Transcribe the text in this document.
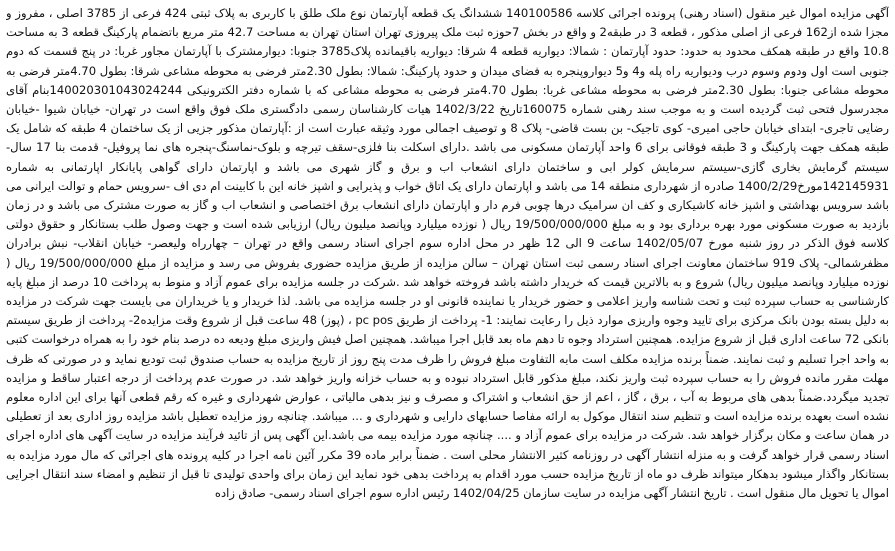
آگهی مزایده اموال غیر منقول (اسناد رهنی) پرونده اجرائی کلاسه 140100586 ششدانگ یک قطعه آپارتمان نوع ملک طلق با کاربری به پلاک ثبتی 424 فرعی از 3785 اصلی ، مفروز و مجزا شده از162 فرعی از اصلی مذکور ، قطعه 3 در طبقه2 و واقع در بخش 7حوزه ثبت ملک پیروزی تهران استان تهران به مساحت 42.7 متر مربع باتضمام پارکینگ قطعه 3 به مساحت 10.8 واقع در طبقه همکف محدود به حدود: حدود آپارتمان : شمالا: دیواریه قطعه 4 شرقا: دیواریه باقیمانده پلاک3785 جنوبا: دیوارمشترک با آپارتمان مجاور غربا: در پنج قسمت که دوم جنوبی است اول ودوم وسوم درب ودیواریه راه پله و4 و5 دیوارو‌پنجره به فضای میدان و حدود پارکینگ: شمالا: بطول 2.30متر فرضی به محوطه مشاعی شرقا: بطول 4.70متر فرضی به محوطه مشاعی جنوبا: بطول 2.30متر فرضی به محوطه مشاعی غربا: بطول 4.70متر فرضی به محوطه مشاعی که با شماره دفتر الکترونیکی 140020301043024244بنام آقای مجدرسول فتحی ثبت گردیده است و به موجب سند رهنی شماره 160075تاریخ 1402/3/22 هیات کارشناسان رسمی دادگستری ملک فوق واقع است در تهران- خیابان شیوا -خیابان رضایی تاجری- ابتدای خیابان حاجی امیری- کوی تاجیک- بن بست قاضی- پلاک 8 و توصیف اجمالی مورد وثیقه عبارت است از :آپارتمان مذکور جزیی از یک ساختمان 4 طبقه که شامل یک طبقه همکف جهت پارکینگ و 3 طبقه فوقانی برای 6 واحد آپارتمان مسکونی می باشد .دارای اسکلت بنا فلزی-سقف تیرچه و بلوک-نماسنگ-پنجره های نما پروفیل- قدمت بنا 17 سال- سیستم گرمایش بخاری گازی-سیستم سرمایش کولر ابی و ساختمان دارای انشعاب اب و برق و گاز شهری می باشد و اپارتمان دارای گواهی پایانکار اپارتمانی به شماره 142145931مورخ1400/2/29 صادره از شهرداری منطقه 14 می باشد و اپارتمان دارای یک اتاق خواب و پذیرایی و اشپز خانه این با کابینت ام دی اف -سرویس حمام و توالت ایرانی می باشد سرویس بهداشتی و اشپز خانه کاشیکاری و کف ان سرامیک درها چوبی فرم دار و اپارتمان دارای انشعاب برق اختصاصی و انشعاب اب و گاز به صورت مشترک می باشد و در زمان بازدید به صورت مسکونی مورد بهره برداری بود و به مبلغ 19/500/000/000 ریال ( نوزده میلیارد وپانصد میلیون ریال) ارزیابی شده است و جهت وصول طلب بستانکار و حقوق دولتی کلاسه فوق الذکر در روز شنبه مورخ 1402/05/07 ساعت 9 الی 12 ظهر در محل اداره سوم اجرای اسناد رسمی واقع در تهران – چهارراه ولیعصر- خیابان انقلاب- نبش برادران مظفرشمالی- پلاک 919 ساختمان معاونت اجرای اسناد رسمی ثبت استان تهران – سالن مزایده از طریق مزایده حضوری بفروش می رسد و مزایده از مبلغ 19/500/000/000 ریال ( نوزده میلیارد وپانصد میلیون ریال) شروع و به بالاترین قیمت که خریدار داشته باشد فروخته خواهد شد .شرکت در جلسه مزایده برای عموم آزاد و منوط به پرداخت 10 درصد از مبلغ پایه کارشناسی به حساب سپرده ثبت و تحت شناسه واریز اعلامی و حضور خریدار یا نماینده قانونی او در جلسه مزایده می باشد. لذا خریدار و یا خریداران می بایست جهت شرکت در مزایده به دلیل بسته بودن بانک مرکزی برای تایید وجوه واریزی موارد ذیل را رعایت نمایند: 1- پرداخت از طریق pc pos ، (پوز) 48 ساعت قبل از شروع وقت مزایده2- پرداخت از طریق سیستم بانکی 72 ساعت اداری قبل از شروع مزایده. همچنین استرداد وجوه تا دهم ماه بعد قابل اجرا میباشد. همچنین اصل فیش واریزی مبلغ ودیعه ده درصد بنام خود را به همراه درخواست کتبی به واحد اجرا تسلیم و ثبت نمایند. ضمناً برنده مزایده مکلف است مابه التفاوت مبلغ فروش را ظرف مدت پنج روز از تاریخ مزایده به حساب صندوق ثبت تودیع نماید و در صورتی که ظرف مهلت مقرر مانده فروش را به حساب سپرده ثبت واریز نکند، مبلغ مذکور قابل استرداد نبوده و به حساب خزانه واریز خواهد شد. در صورت عدم پرداخت از درجه اعتبار ساقط و مزایده تجدید میگردد.ضمناً بدهی های مربوط به آب ، برق ، گاز ، اعم از حق انشعاب و اشتراک و مصرف و نیز بدهی مالیاتی ، عوارض شهرداری و غیره که رقم قطعی آنها برای این اداره معلوم نشده است بعهده برنده مزایده است و تنظیم سند انتقال موکول به ارائه مفاصا حسابهای دارایی و شهرداری و ... میباشد. چنانچه روز مزایده تعطیل باشد مزایده روز اداری بعد از تعطیلی در همان ساعت و مکان برگزار خواهد شد. شرکت در مزایده برای عموم آزاد و .... چنانچه مورد مزایده بیمه می باشد.این آگهی پس از تائید فرآیند مزایده در سایت آگهی های اداره اجرای اسناد رسمی قرار خواهد گرفت و به منزله انتشار آگهی در روزنامه کثیر الانتشار محلی است . ضمناً برابر ماده 39 مکرر آئین نامه اجرا در کلیه پرونده های اجرائی که مال مورد مزایده به بستانکار واگذار میشود بدهکار میتواند ظرف دو ماه از تاریخ مزایده حسب مورد اقدام به پرداخت بدهی خود نماید این زمان برای واحدی تولیدی تا قبل از تنظیم و امضاء سند انتقال اجرایی اموال یا تحویل مال منقول است . تاریخ انتشار آگهی مزایده در سایت سازمان 1402/04/25 رئیس اداره سوم اجرای اسناد رسمی- صادق زاده
